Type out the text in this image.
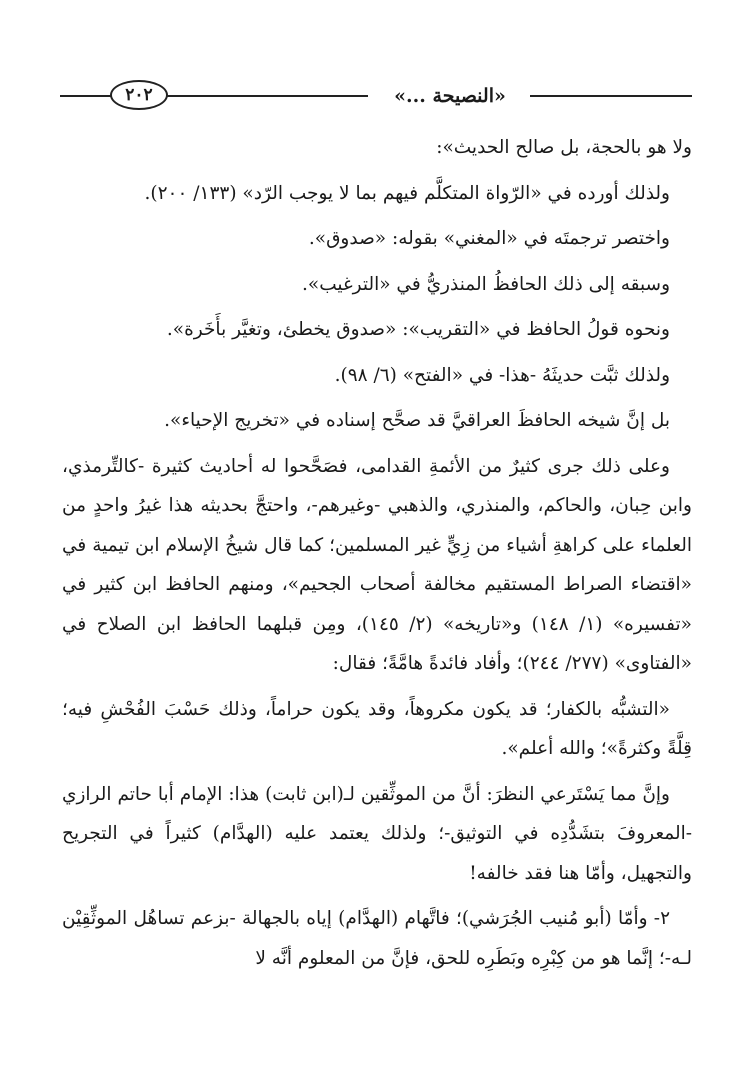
٢٠٢	«النصيحة ...»

ولا هو بالحجة، بل صالح الحديث»:

ولذلك أورده في «الرّواة المتكلَّم فيهم بما لا يوجب الرّد» (١٣٣/ ٢٠٠).

واختصر ترجمتَه في «المغني» بقوله: «صدوق».

وسبقه إلى ذلك الحافظُ المنذريُّ في «الترغيب».

ونحوه قولُ الحافظ في «التقريب»: «صدوق يخطئ، وتغيَّر بأَخَرة».

ولذلك ثبَّت حديثَهُ -هذا- في «الفتح» (٦/ ٩٨).

بل إنَّ شيخه الحافظَ العراقيَّ قد صحَّح إسناده في «تخريج الإحياء».

وعلى ذلك جرى كثيرٌ من الأئمةِ القدامى، فصَحَّحوا له أحاديث كثيرة -كالتِّرمذي، وابن حِبان، والحاكم، والمنذري، والذهبي -وغيرهم-، واحتجَّ بحديثه هذا غيرُ واحدٍ من العلماء على كراهةِ أشياء من زِيٍّ غير المسلمين؛ كما قال شيخُ الإسلام ابن تيمية في «اقتضاء الصراط المستقيم مخالفة أصحاب الجحيم»، ومنهم الحافظ ابن كثير في «تفسيره» (١/ ١٤٨) و«تاريخه» (٢/ ١٤٥)، ومِن قبلهما الحافظ ابن الصلاح في «الفتاوى» (٢٧٧/ ٢٤٤)؛ وأفاد فائدةً هامَّةً؛ فقال:

«التشبُّه بالكفار؛ قد يكون مكروهاً، وقد يكون حراماً، وذلك حَسْبَ الفُحْشِ فيه؛ قِلَّةً وكثرةً»؛ والله أعلم».

وإنَّ مما يَسْتَرعي النظرَ: أنَّ من الموثِّقين لـ(ابن ثابت) هذا: الإمام أبا حاتم الرازي -المعروفَ بتشَدُّدِه في التوثيق-؛ ولذلك يعتمد عليه (الهدَّام) كثيراً في التجريح والتجهيل، وأمّا هنا فقد خالفه!

٢- وأمّا (أبو مُنيب الجُرَشي)؛ فاتَّهام (الهدَّام) إياه بالجهالة -بزعم تساهُل الموثِّقِيْن لـه-؛ إنَّما هو من كِبْرِه وبَطَرِه للحق، فإنَّ من المعلوم أنَّه لا
